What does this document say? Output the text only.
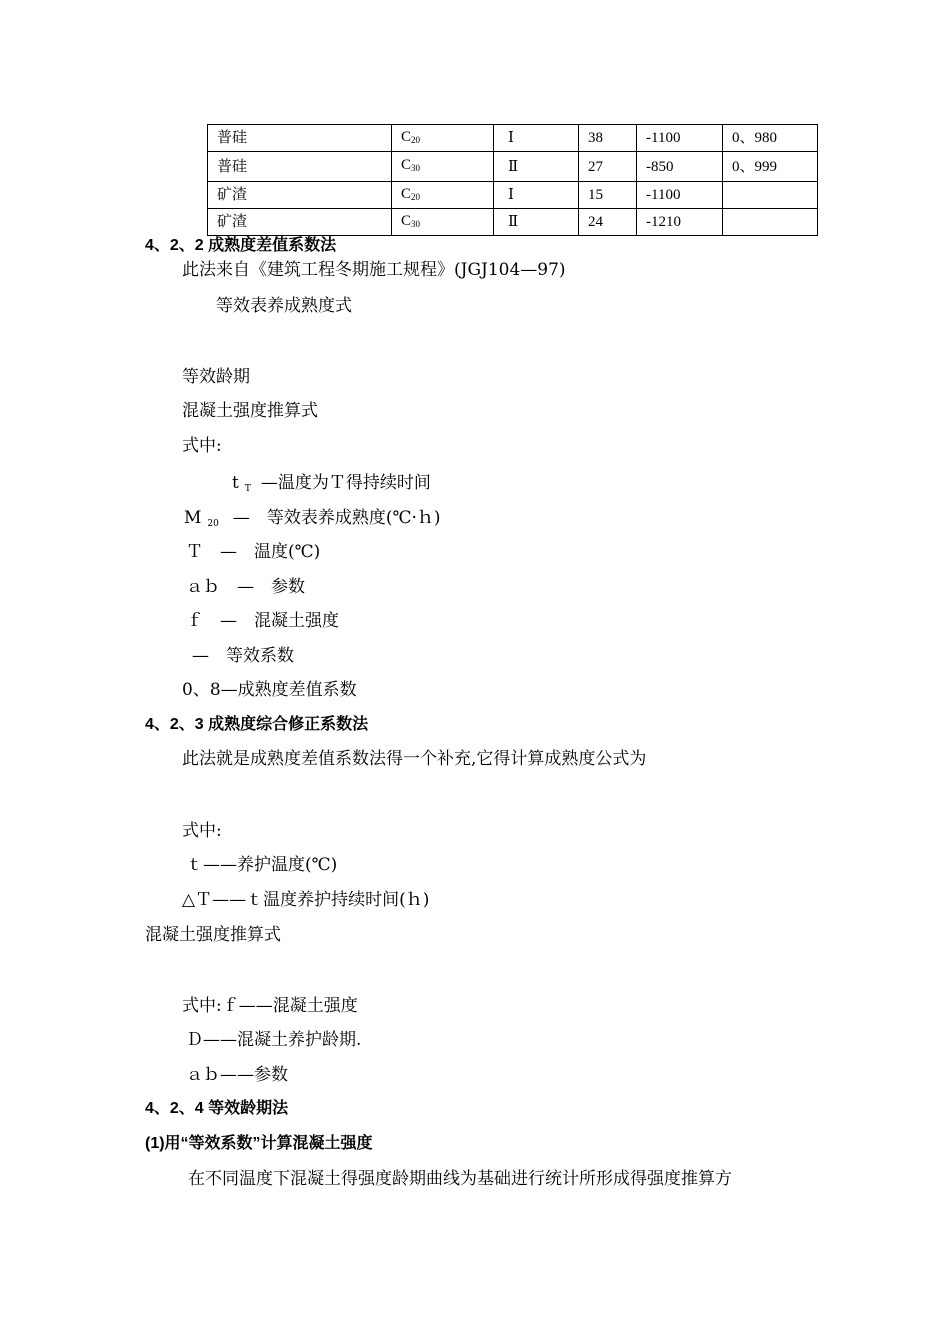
普硅	$C_{20}$	Ⅰ	38	-1100	0、980
普硅	$C_{30}$	Ⅱ	27	-850	0、999
矿渣	$C_{20}$	Ⅰ	15	-1100	
矿渣	$C_{30}$	Ⅱ	24	-1210	
4、2、2 成熟度差值系数法
此法来自《建筑工程冬期施工规程》(JGJ104—97)
等效表养成熟度式
等效龄期
混凝土强度推算式
式中:
t T —温度为Ｔ得持续时间
M 20 —　等效表养成熟度(℃·ｈ)
Ｔ　—　温度(℃)
ａｂ　—　参数
ｆ　—　混凝土强度
—　等效系数
0、8—成熟度差值系数
4、2、3 成熟度综合修正系数法
此法就是成熟度差值系数法得一个补充,它得计算成熟度公式为
式中:
ｔ——养护温度(℃)
△Ｔ——ｔ温度养护持续时间(ｈ)
混凝土强度推算式
式中:ｆ——混凝土强度
Ｄ——混凝土养护龄期.
ａｂ——参数
4、2、4 等效龄期法
(1)用“等效系数”计算混凝土强度
在不同温度下混凝土得强度龄期曲线为基础进行统计所形成得强度推算方
